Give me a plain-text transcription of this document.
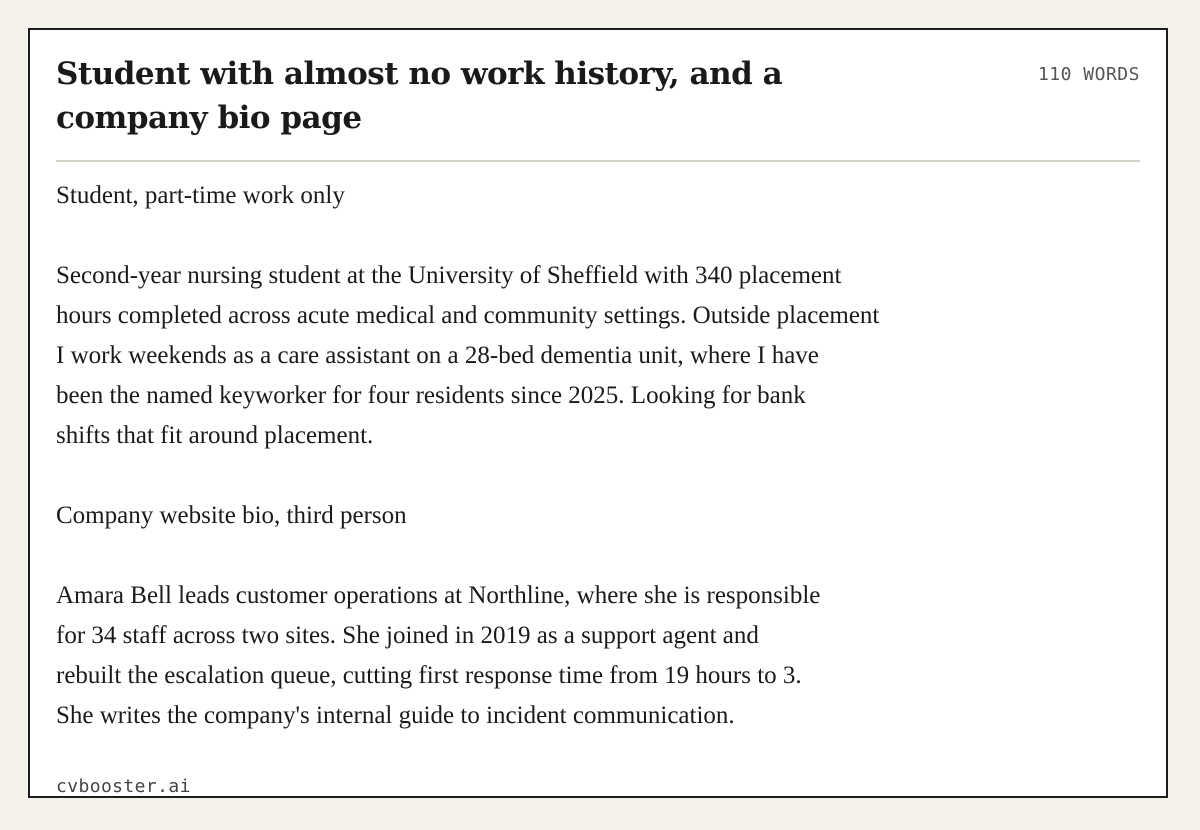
Student with almost no work history, and a company bio page
110 WORDS

Student, part-time work only

Second-year nursing student at the University of Sheffield with 340 placement
hours completed across acute medical and community settings. Outside placement
I work weekends as a care assistant on a 28-bed dementia unit, where I have
been the named keyworker for four residents since 2025. Looking for bank
shifts that fit around placement.

Company website bio, third person

Amara Bell leads customer operations at Northline, where she is responsible
for 34 staff across two sites. She joined in 2019 as a support agent and
rebuilt the escalation queue, cutting first response time from 19 hours to 3.
She writes the company's internal guide to incident communication.

cvbooster.ai
